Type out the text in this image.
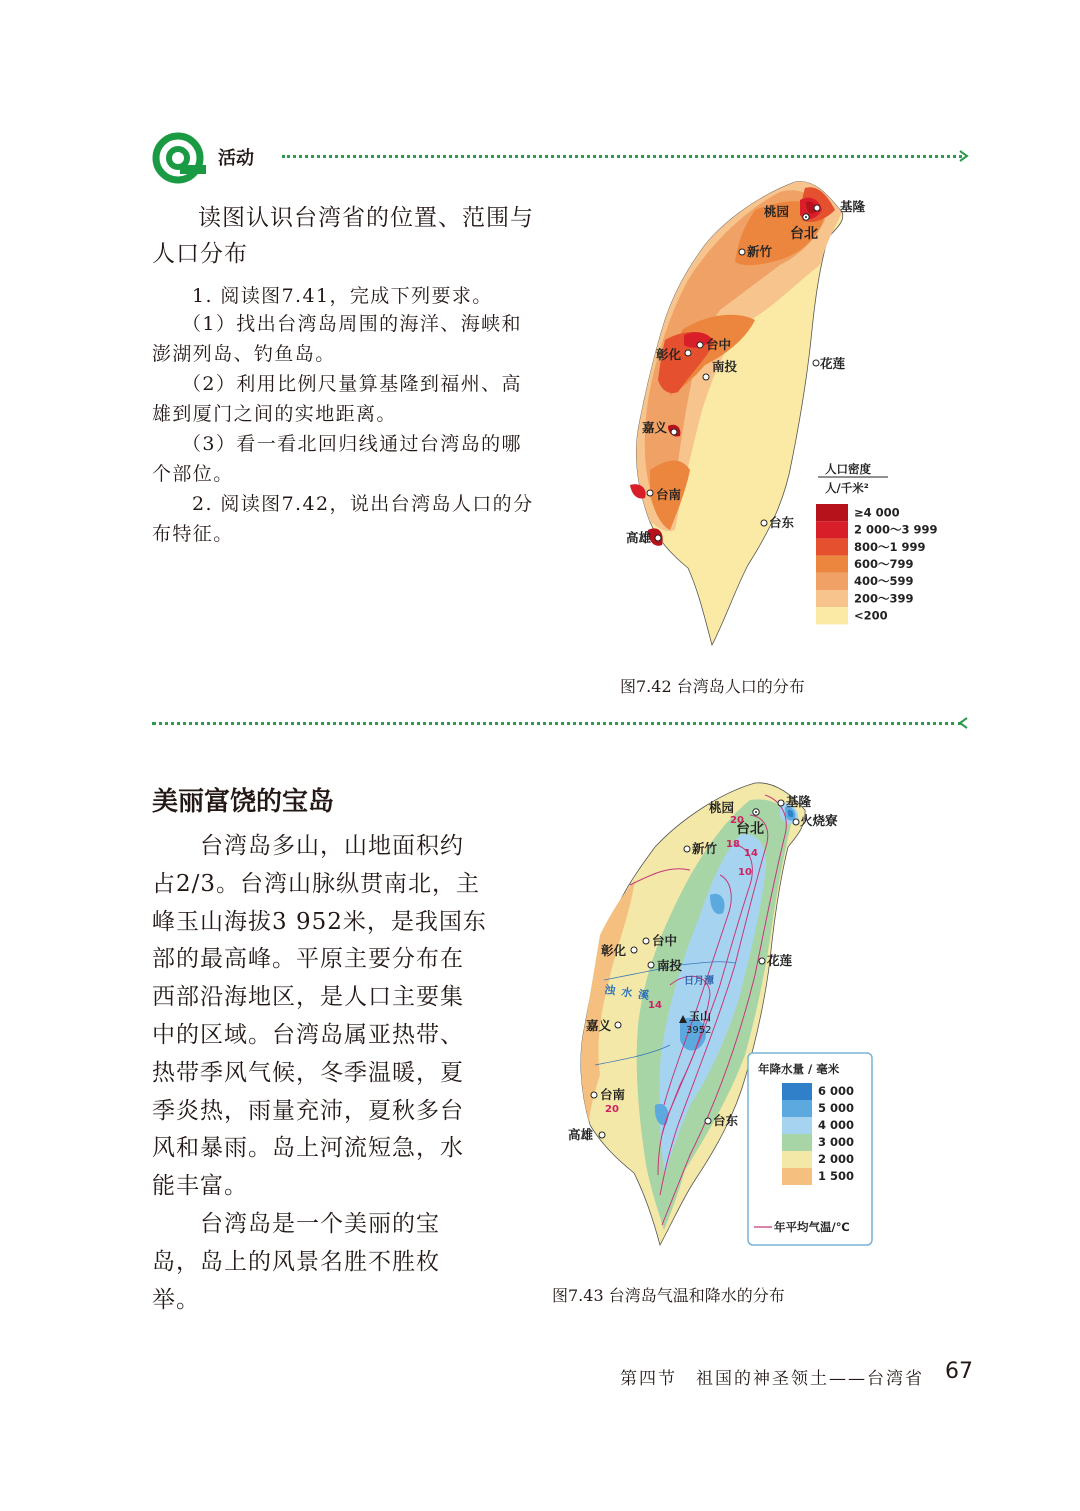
活动
读图认识台湾省的位置、范围与人口分布
1. 阅读图7.41，完成下列要求。
（1）找出台湾岛周围的海洋、海峡和澎湖列岛、钓鱼岛。
（2）利用比例尺量算基隆到福州、高雄到厦门之间的实地距离。
（3）看一看北回归线通过台湾岛的哪个部位。
2. 阅读图7.42，说出台湾岛人口的分布特征。
桃园	基隆
台北
新竹
彰化
台中
南投	花莲
嘉义
台南
高雄
台东
人口密度
人/千米²
≥4 000
2 000～3 999
800～1 999
600～799
400～599
200～399
<200
图7.42 台湾岛人口的分布
美丽富饶的宝岛
台湾岛多山，山地面积约占2/3。台湾山脉纵贯南北，主峰玉山海拔3 952米，是我国东部的最高峰。平原主要分布在西部沿海地区，是人口主要集中的区域。台湾岛属亚热带、热带季风气候，冬季温暖，夏季炎热，雨量充沛，夏秋多台风和暴雨。岛上河流短急，水能丰富。
台湾岛是一个美丽的宝岛，岛上的风景名胜不胜枚举。
桃园	基隆
台北
火烧寮
新竹
彰化
台中
南投	花莲
日月潭
浊水溪
嘉义
玉山
3952
台南
高雄
台东
20
18
14
10
14
20
年降水量 / 毫米
6 000
5 000
4 000
3 000
2 000
1 500
年平均气温/℃
图7.43 台湾岛气温和降水的分布
第四节　祖国的神圣领土——台湾省 67
